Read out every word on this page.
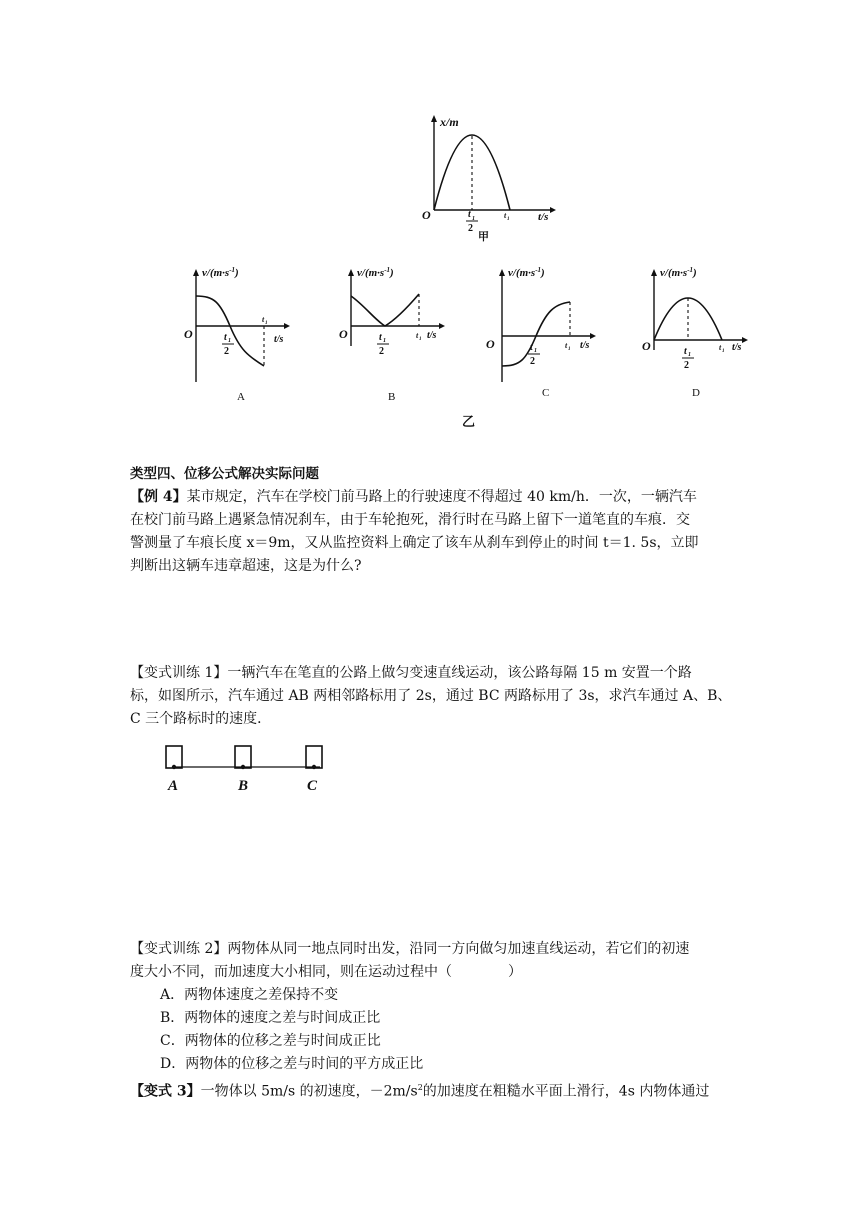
x/m
t/s
O	t 1
2
t 1
甲
$v/(m\cdot s^{-1})$
t/s
O	t 1
2
t 1
A
$v/(m\cdot s^{-1})$
t/s
O	t 1
2
t 1
B
$v/(m\cdot s^{-1})$
t/s
O	t 1
2
t 1
C
$v/(m\cdot s^{-1})$
t/s
O	t 1
2
t 1
D
乙
类型四、位移公式解决实际问题
【例 4】某市规定，汽车在学校门前马路上的行驶速度不得超过 40 km/h．一次，一辆汽车
在校门前马路上遇紧急情况刹车，由于车轮抱死，滑行时在马路上留下一道笔直的车痕．交
警测量了车痕长度 x＝9m，又从监控资料上确定了该车从刹车到停止的时间 t＝1. 5s，立即
判断出这辆车违章超速，这是为什么?
【变式训练 1】一辆汽车在笔直的公路上做匀变速直线运动，该公路每隔 15 m 安置一个路
标，如图所示，汽车通过 AB 两相邻路标用了 2s，通过 BC 两路标用了 3s，求汽车通过 A、B、
C 三个路标时的速度．
A	B	C
【变式训练 2】两物体从同一地点同时出发，沿同一方向做匀加速直线运动，若它们的初速
度大小不同，而加速度大小相同，则在运动过程中（　　　　）
A．两物体速度之差保持不变
B．两物体的速度之差与时间成正比
C．两物体的位移之差与时间成正比
D．两物体的位移之差与时间的平方成正比
【变式 3】一物体以 5m/s 的初速度，$-2m/s^2$的加速度在粗糙水平面上滑行，4s 内物体通过
